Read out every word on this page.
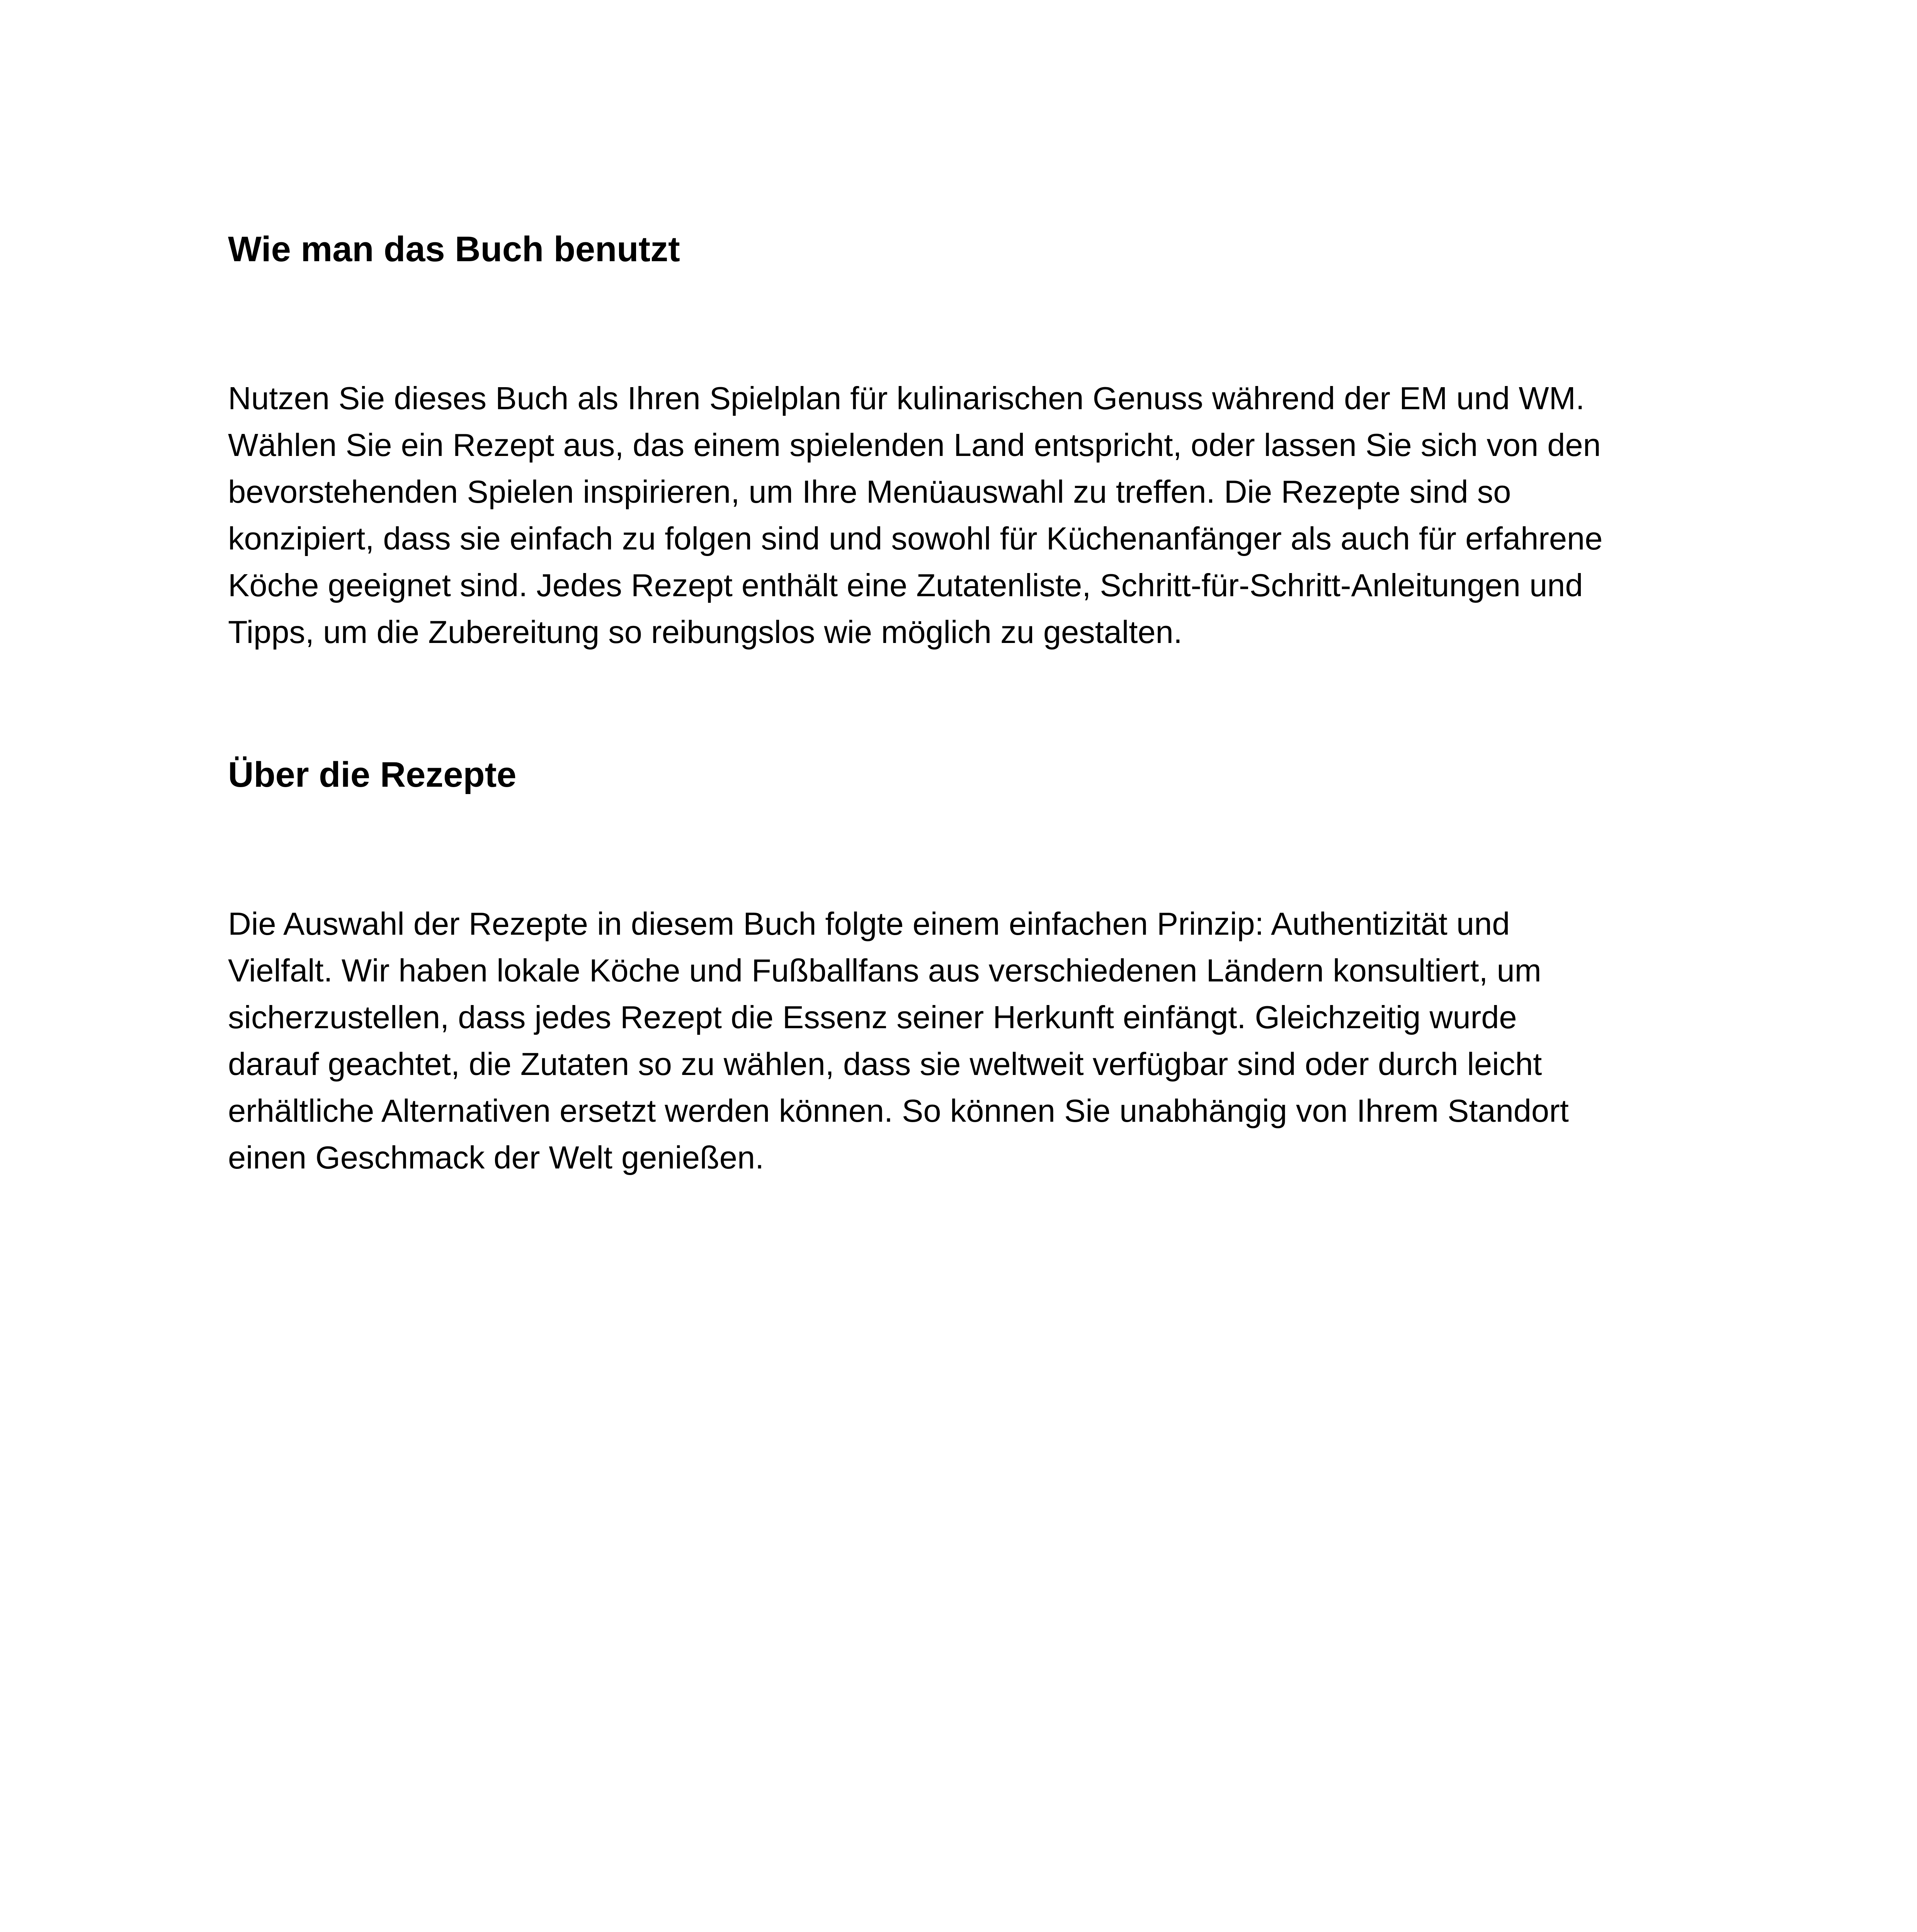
Wie man das Buch benutzt

Nutzen Sie dieses Buch als Ihren Spielplan für kulinarischen Genuss während der EM und WM.
Wählen Sie ein Rezept aus, das einem spielenden Land entspricht, oder lassen Sie sich von den
bevorstehenden Spielen inspirieren, um Ihre Menüauswahl zu treffen. Die Rezepte sind so
konzipiert, dass sie einfach zu folgen sind und sowohl für Küchenanfänger als auch für erfahrene
Köche geeignet sind. Jedes Rezept enthält eine Zutatenliste, Schritt-für-Schritt-Anleitungen und
Tipps, um die Zubereitung so reibungslos wie möglich zu gestalten.

Über die Rezepte

Die Auswahl der Rezepte in diesem Buch folgte einem einfachen Prinzip: Authentizität und
Vielfalt. Wir haben lokale Köche und Fußballfans aus verschiedenen Ländern konsultiert, um
sicherzustellen, dass jedes Rezept die Essenz seiner Herkunft einfängt. Gleichzeitig wurde
darauf geachtet, die Zutaten so zu wählen, dass sie weltweit verfügbar sind oder durch leicht
erhältliche Alternativen ersetzt werden können. So können Sie unabhängig von Ihrem Standort
einen Geschmack der Welt genießen.
